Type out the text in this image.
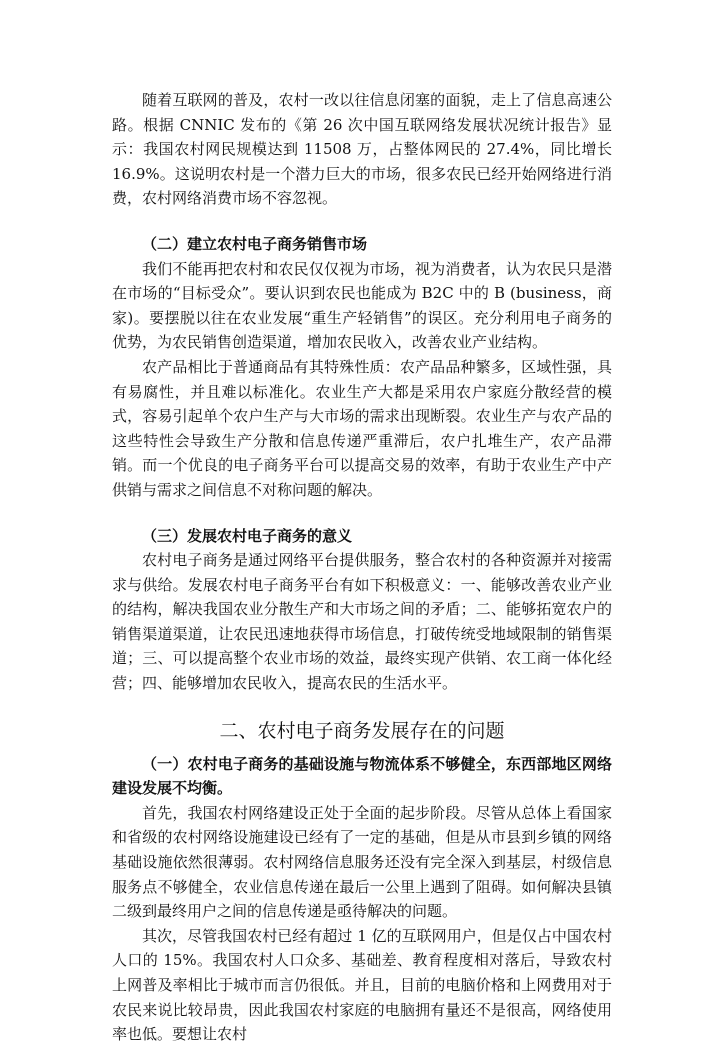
随着互联网的普及，农村一改以往信息闭塞的面貌，走上了信息高速公路。根据 CNNIC 发布的《第 26 次中国互联网络发展状况统计报告》显示：我国农村网民规模达到 11508 万，占整体网民的 27.4%，同比增长 16.9%。这说明农村是一个潜力巨大的市场，很多农民已经开始网络进行消费，农村网络消费市场不容忽视。

（二）建立农村电子商务销售市场

我们不能再把农村和农民仅仅视为市场，视为消费者，认为农民只是潜在市场的“目标受众”。要认识到农民也能成为 B2C 中的 B (business，商家)。要摆脱以往在农业发展“重生产轻销售”的误区。充分利用电子商务的优势，为农民销售创造渠道，增加农民收入，改善农业产业结构。

农产品相比于普通商品有其特殊性质：农产品品种繁多，区域性强，具有易腐性，并且难以标准化。农业生产大都是采用农户家庭分散经营的模式，容易引起单个农户生产与大市场的需求出现断裂。农业生产与农产品的这些特性会导致生产分散和信息传递严重滞后，农户扎堆生产，农产品滞销。而一个优良的电子商务平台可以提高交易的效率，有助于农业生产中产供销与需求之间信息不对称问题的解决。

（三）发展农村电子商务的意义

农村电子商务是通过网络平台提供服务，整合农村的各种资源并对接需求与供给。发展农村电子商务平台有如下积极意义：一、能够改善农业产业的结构，解决我国农业分散生产和大市场之间的矛盾；二、能够拓宽农户的销售渠道渠道，让农民迅速地获得市场信息，打破传统受地域限制的销售渠道；三、可以提高整个农业市场的效益，最终实现产供销、农工商一体化经营；四、能够增加农民收入，提高农民的生活水平。

二、农村电子商务发展存在的问题
（一）农村电子商务的基础设施与物流体系不够健全，东西部地区网络建设发展不均衡。

首先，我国农村网络建设正处于全面的起步阶段。尽管从总体上看国家和省级的农村网络设施建设已经有了一定的基础，但是从市县到乡镇的网络基础设施依然很薄弱。农村网络信息服务还没有完全深入到基层，村级信息服务点不够健全，农业信息传递在最后一公里上遇到了阻碍。如何解决县镇二级到最终用户之间的信息传递是亟待解决的问题。

其次，尽管我国农村已经有超过 1 亿的互联网用户，但是仅占中国农村人口的 15%。我国农村人口众多、基础差、教育程度相对落后，导致农村上网普及率相比于城市而言仍很低。并且，目前的电脑价格和上网费用对于农民来说比较昂贵，因此我国农村家庭的电脑拥有量还不是很高，网络使用率也低。要想让农村
